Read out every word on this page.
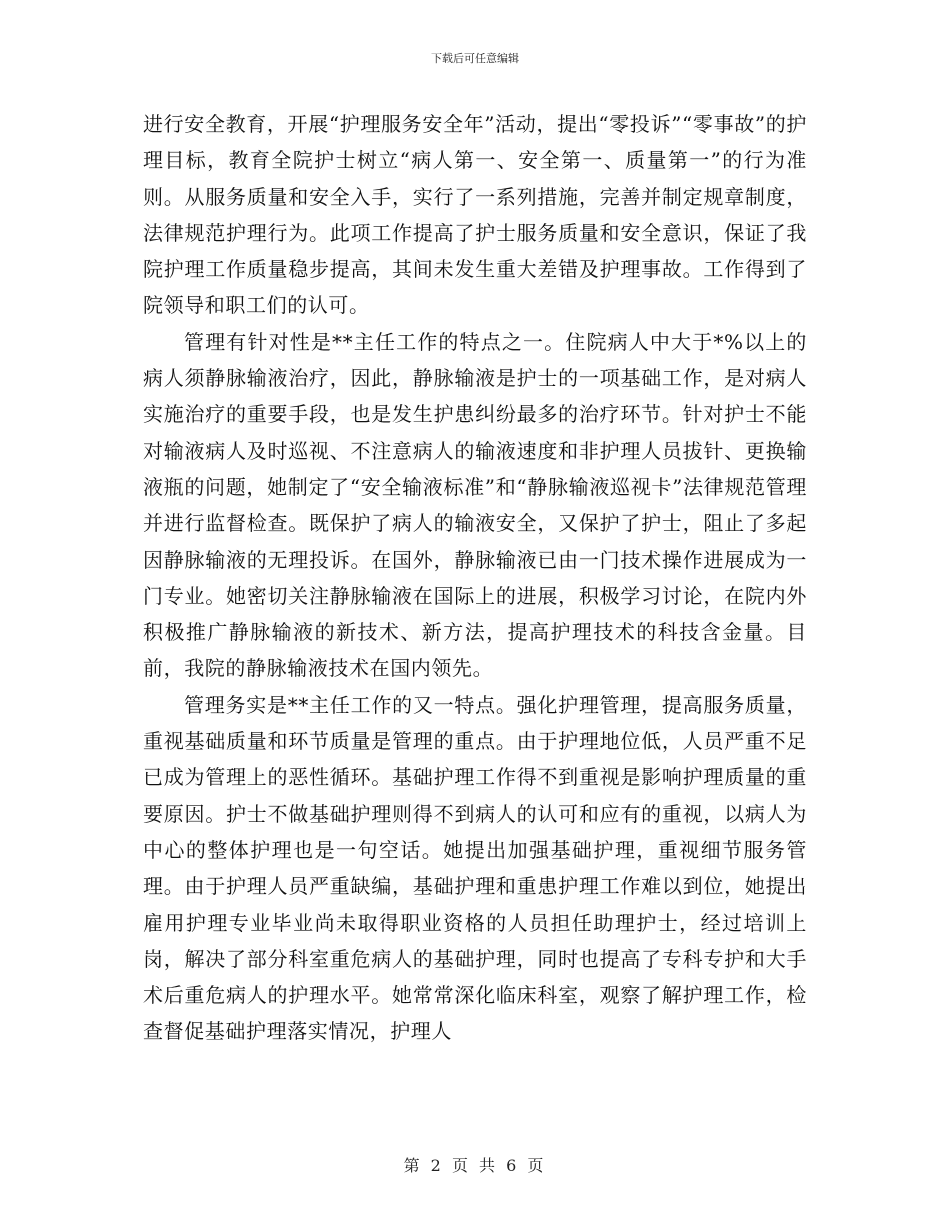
下载后可任意编辑

进行安全教育，开展“护理服务安全年”活动，提出“零投诉”“零事故”的护理目标，教育全院护士树立“病人第一、安全第一、质量第一”的行为准则。从服务质量和安全入手，实行了一系列措施，完善并制定规章制度，法律规范护理行为。此项工作提高了护士服务质量和安全意识，保证了我院护理工作质量稳步提高，其间未发生重大差错及护理事故。工作得到了院领导和职工们的认可。

管理有针对性是**主任工作的特点之一。住院病人中大于*%以上的病人须静脉输液治疗，因此，静脉输液是护士的一项基础工作，是对病人实施治疗的重要手段，也是发生护患纠纷最多的治疗环节。针对护士不能对输液病人及时巡视、不注意病人的输液速度和非护理人员拔针、更换输液瓶的问题，她制定了“安全输液标准”和“静脉输液巡视卡”法律规范管理并进行监督检查。既保护了病人的输液安全，又保护了护士，阻止了多起因静脉输液的无理投诉。在国外，静脉输液已由一门技术操作进展成为一门专业。她密切关注静脉输液在国际上的进展，积极学习讨论，在院内外积极推广静脉输液的新技术、新方法，提高护理技术的科技含金量。目前，我院的静脉输液技术在国内领先。

管理务实是**主任工作的又一特点。强化护理管理，提高服务质量，重视基础质量和环节质量是管理的重点。由于护理地位低，人员严重不足已成为管理上的恶性循环。基础护理工作得不到重视是影响护理质量的重要原因。护士不做基础护理则得不到病人的认可和应有的重视，以病人为中心的整体护理也是一句空话。她提出加强基础护理，重视细节服务管理。由于护理人员严重缺编，基础护理和重患护理工作难以到位，她提出雇用护理专业毕业尚未取得职业资格的人员担任助理护士，经过培训上岗，解决了部分科室重危病人的基础护理，同时也提高了专科专护和大手术后重危病人的护理水平。她常常深化临床科室，观察了解护理工作，检查督促基础护理落实情况，护理人

第 2 页 共 6 页
